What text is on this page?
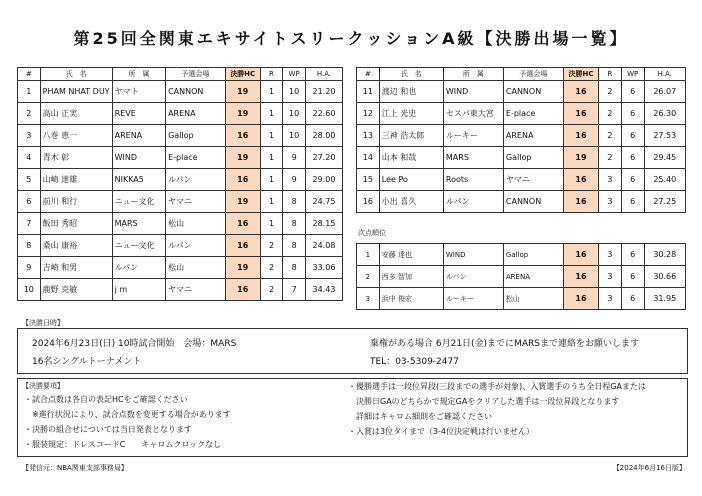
第25回全関東エキサイトスリークッションA級【決勝出場一覧】
#	氏　名	所　属	予選会場	決勝HC	R	WP	H.A.
1	PHAM NHAT DUY	ヤマト	CANNON	19	1	10	21.20
2	高山 正実	REVE	ARENA	19	1	10	22.60
3	八巻 恵一	ARENA	Gallop	16	1	10	28.00
4	青木 彰	WIND	E-place	19	1	9	27.20
5	山崎 達雄	NIKKA5	ルパン	16	1	9	29.00
6	前川 和行	ニュー文化	ヤマニ	19	1	8	24.75
7	飯田 秀昭	MARS	松山	16	1	8	28.15
8	桑山 康裕	ニュー文化	ルパン	16	2	8	24.08
9	吉崎 和男	ルパン	松山	19	2	8	33.06
10	鹿野 克敏	j m	ヤマニ	16	2	7	34.43
#	氏　名	所　属	予選会場	決勝HC	R	WP	H.A.
11	渡辺 和也	WIND	CANNON	16	2	6	26.07
12	江上 光史	セスパ東大宮	E-place	16	2	6	26.30
13	三神 浩太郎	ルーキー	ARENA	16	2	6	27.53
14	山本 和哉	MARS	Gallop	19	2	6	29.45
15	Lee Po	Roots	ヤマニ	16	3	6	25.40
16	小出 喜久	ルパン	CANNON	16	3	6	27.25
次点順位
1	安藤 達也	WIND	Gallop	16	3	6	30.28
2	西多 智加	ルパン	ARENA	16	3	6	30.66
3	浜中 俊宏	ルーキー	松山	16	3	6	31.95
【決勝日時】
2024年6月23日(日) 10時試合開始　会場：MARS
16名シングルトーナメント
棄権がある場合 6月21日(金)までにMARSまで連絡をお願いします
TEL：03-5309-2477
【決勝要項】
・試合点数は各自の表記HCをご確認ください
　※進行状況により、試合点数を変更する場合があります
・決勝の組合せについては当日発表となります
・服装規定：ドレスコードC　　キャロムクロックなし
・優勝選手は一段位昇段(三段までの選手が対象)、入賞選手のうち全日程GAまたは
　決勝日GAのどちらかで規定GAをクリアした選手は一段位昇段となります
　詳細はキャロム細則をご確認ください
・入賞は3位タイまで（3-4位決定戦は行いません）
【発信元：NBA関東支部事務局】	【2024年6月16日版】
